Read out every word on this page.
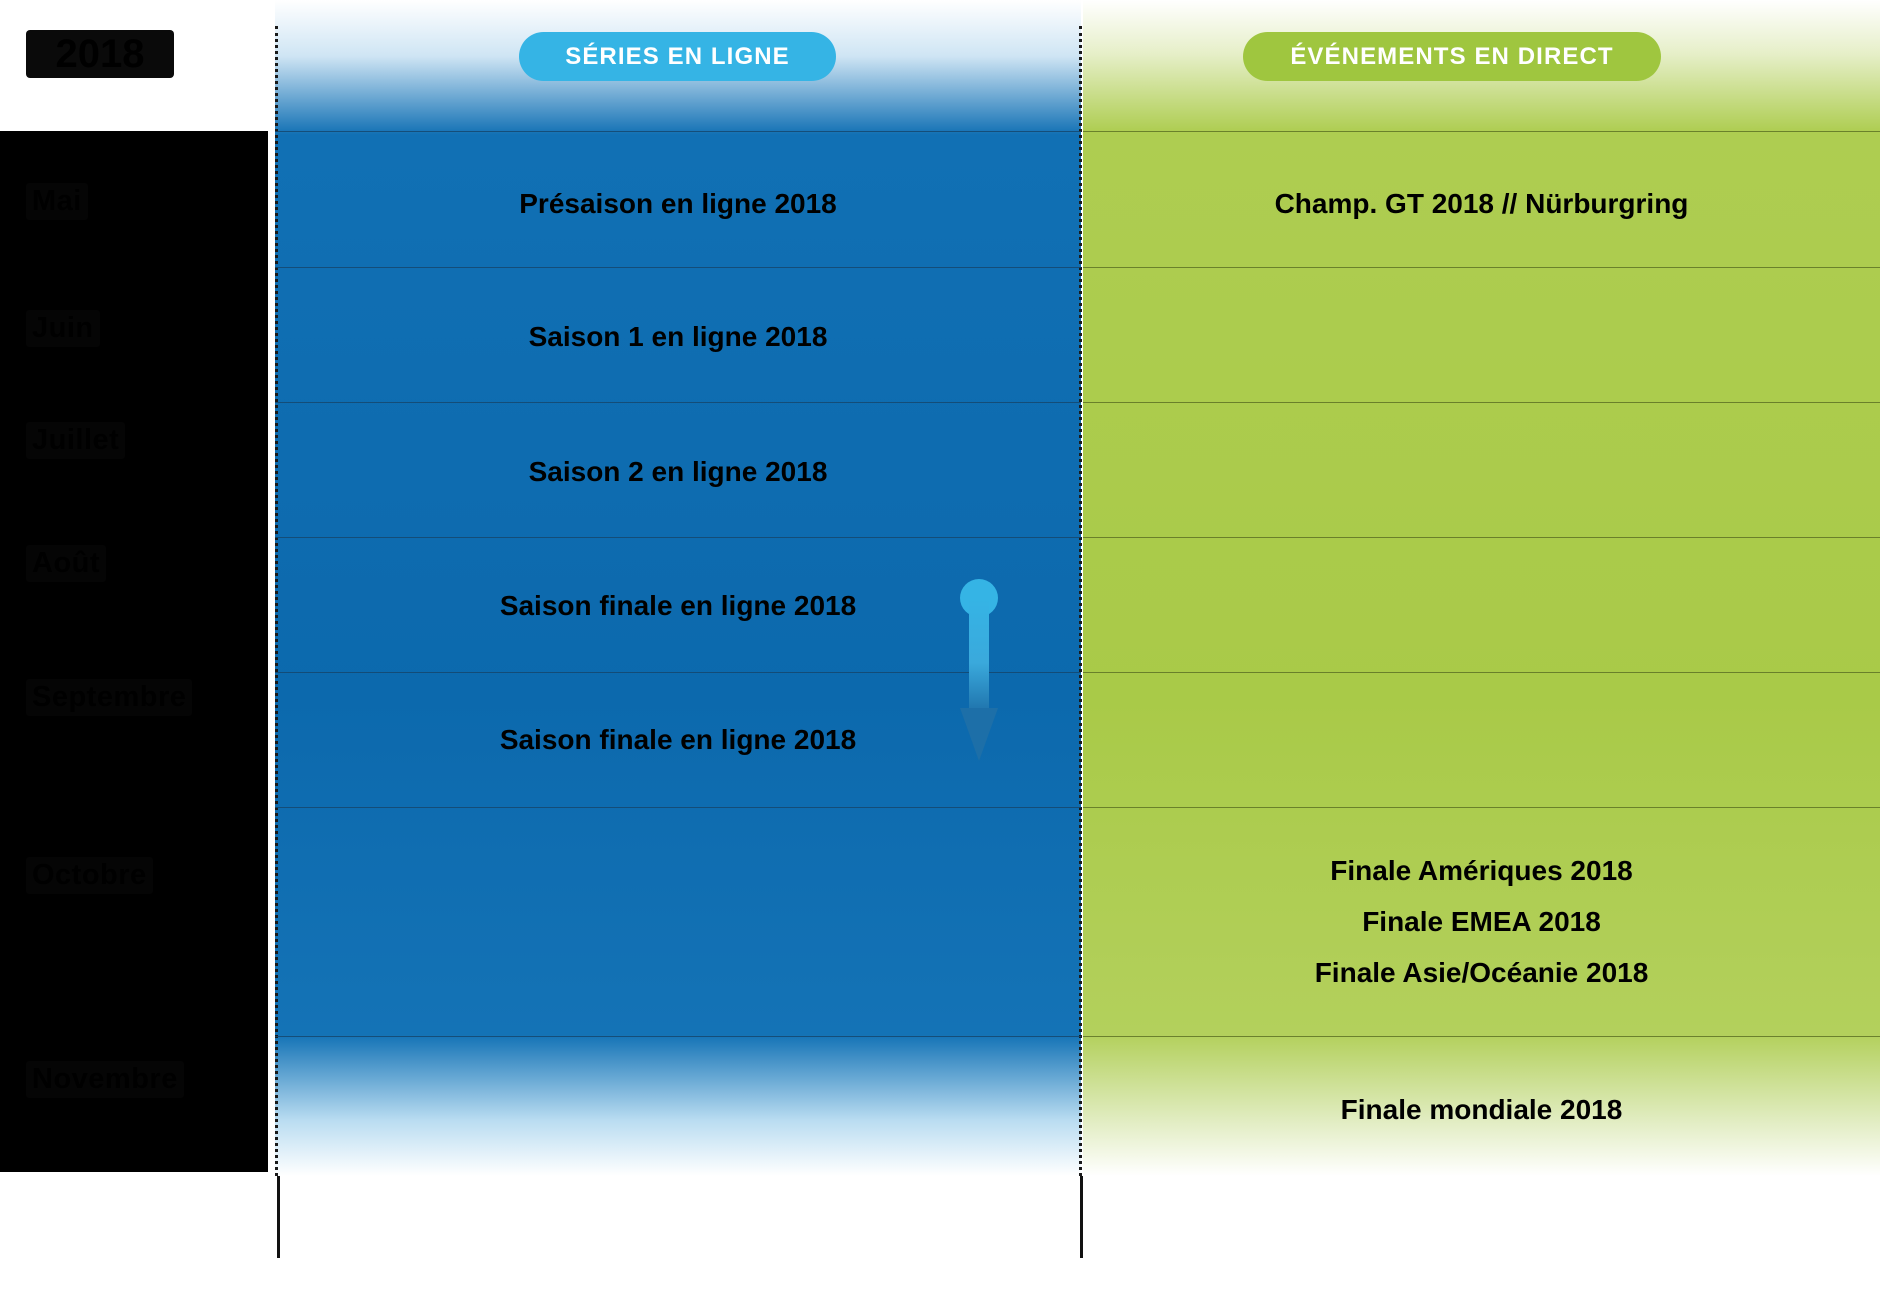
Mai
Juin
Juillet
Août
Septembre
Octobre
Novembre
2018	SÉRIES EN LIGNE	ÉVÉNEMENTS EN DIRECT
Présaison en ligne 2018
Saison 1 en ligne 2018
Saison 2 en ligne 2018
Saison finale en ligne 2018
Saison finale en ligne 2018
Champ. GT 2018 // Nürburgring
Finale Amériques 2018
Finale EMEA 2018
Finale Asie/Océanie 2018
Finale mondiale 2018
